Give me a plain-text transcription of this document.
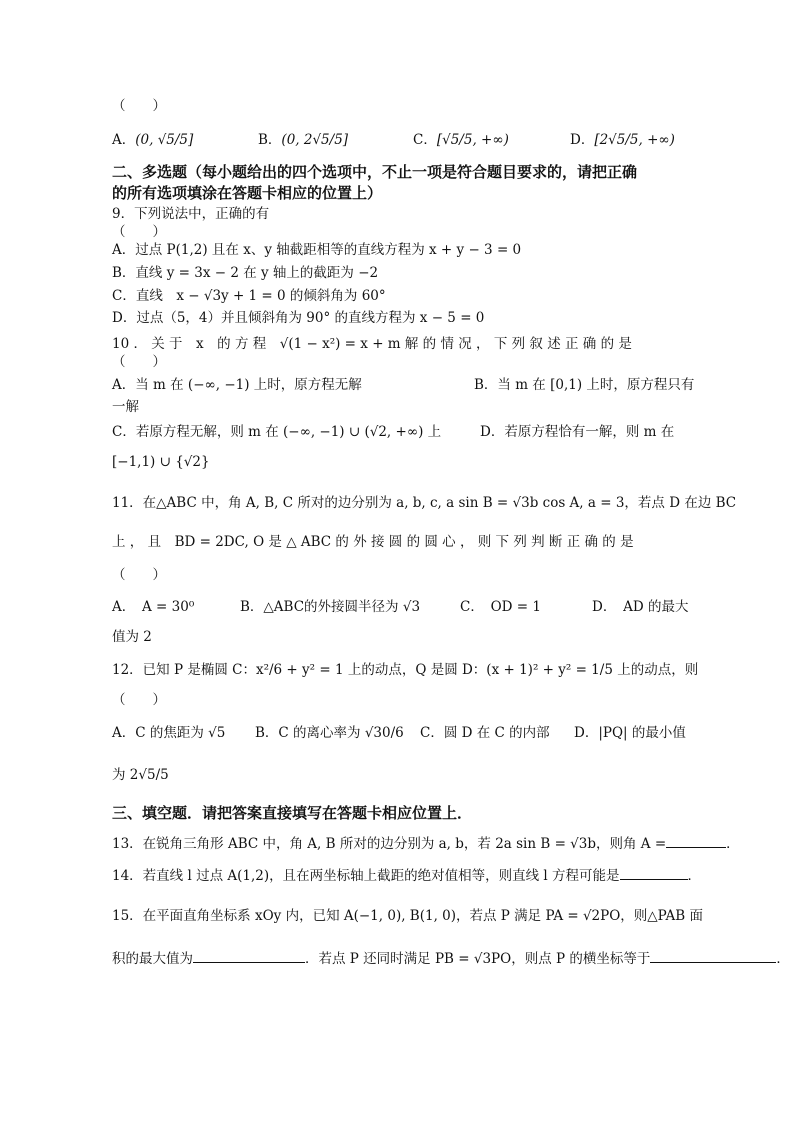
（　　）
A．(0, √5/5]	B．(0, 2√5/5]	C．[√5/5, +∞)	D．[2√5/5, +∞)
二、多选题（每小题给出的四个选项中，不止一项是符合题目要求的，请把正确
的所有选项填涂在答题卡相应的位置上）
9．下列说法中，正确的有
（　　）
A．过点 P(1,2) 且在 x、y 轴截距相等的直线方程为 x + y − 3 = 0
B．直线 y = 3x − 2 在 y 轴上的截距为 −2
C．直线　x − √3y + 1 = 0 的倾斜角为 60°
D．过点（5，4）并且倾斜角为 90° 的直线方程为 x − 5 = 0
10 ． 关 于　x　的 方 程　√(1 − x²) = x + m 解 的 情 况 ， 下 列 叙 述 正 确 的 是
（　　）
A．当 m 在 (−∞, −1) 上时，原方程无解	B．当 m 在 [0,1) 上时，原方程只有
一解
C．若原方程无解，则 m 在 (−∞, −1) ∪ (√2, +∞) 上	D．若原方程恰有一解，则 m 在
[−1,1) ∪ {√2}
11．在△ABC 中，角 A, B, C 所对的边分别为 a, b, c, a sin B = √3b cos A, a = 3，若点 D 在边 BC
上 ， 且　BD = 2DC, O 是 △ ABC 的 外 接 圆 的 圆 心 ， 则 下 列 判 断 正 确 的 是
（　　）
A．　A = 30⁰	B．△ABC的外接圆半径为 √3	C．　OD = 1	D．　AD 的最大
值为 2
12．已知 P 是椭圆 C：x²/6 + y² = 1 上的动点，Q 是圆 D：(x + 1)² + y² = 1/5 上的动点，则
（　　）
A．C 的焦距为 √5 B．C 的离心率为 √30/6 C．圆 D 在 C 的内部 D．|PQ| 的最小值
为 2√5/5
三、填空题．请把答案直接填写在答题卡相应位置上．
13．在锐角三角形 ABC 中，角 A, B 所对的边分别为 a, b，若 2a sin B = √3b，则角 A =	．
14．若直线 l 过点 A(1,2)，且在两坐标轴上截距的绝对值相等，则直线 l 方程可能是	．
15．在平面直角坐标系 xOy 内，已知 A(−1, 0), B(1, 0)，若点 P 满足 PA = √2PO，则△PAB 面
积的最大值为	．若点 P 还同时满足 PB = √3PO，则点 P 的横坐标等于	．
